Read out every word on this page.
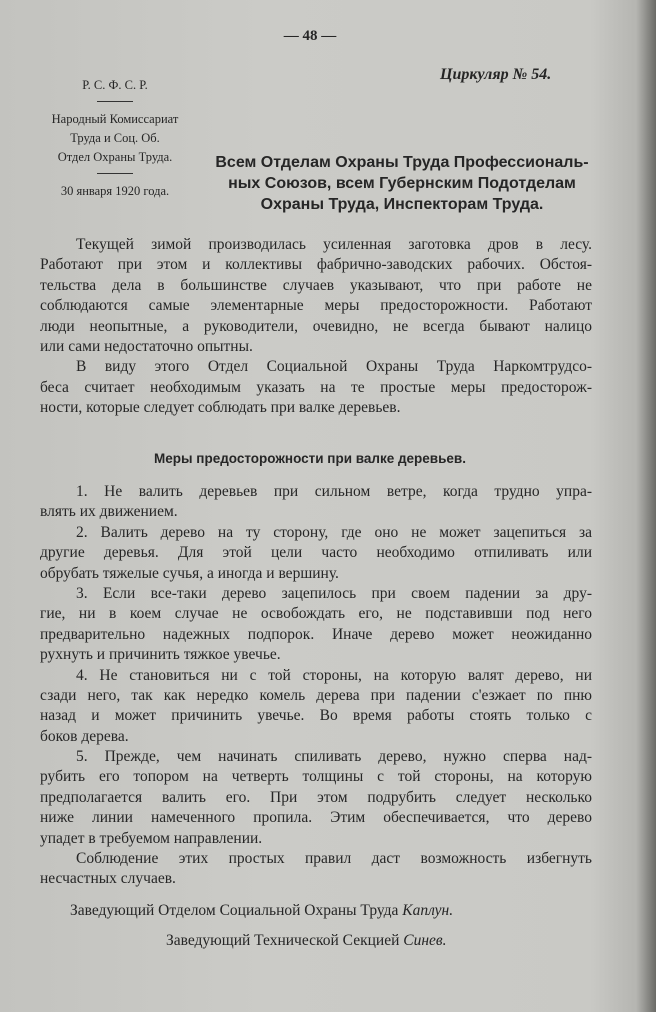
— 48 —
Циркуляр № 54.
Р. С. Ф. С. Р.
Народный Комиссариат
Труда и Соц. Об.
Отдел Охраны Труда.
30 января 1920 года.
Всем Отделам Охраны Труда Профессиональ-
ных Союзов, всем Губернским Подотделам
Охраны Труда, Инспекторам Труда.
Текущей зимой производилась усиленная заготовка дров в лесу.
Работают при этом и коллективы фабрично-заводских рабочих. Обстоя-
тельства дела в большинстве случаев указывают, что при работе не
соблюдаются самые элементарные меры предосторожности. Работают
люди неопытные, а руководители, очевидно, не всегда бывают налицо
или сами недостаточно опытны.
В виду этого Отдел Социальной Охраны Труда Наркомтрудсо-
беса считает необходимым указать на те простые меры предосторож-
ности, которые следует соблюдать при валке деревьев.
Меры предосторожности при валке деревьев.
1. Не валить деревьев при сильном ветре, когда трудно упра-
влять их движением.
2. Валить дерево на ту сторону, где оно не может зацепиться за
другие деревья. Для этой цели часто необходимо отпиливать или
обрубать тяжелые сучья, а иногда и вершину.
3. Если все-таки дерево зацепилось при своем падении за дру-
гие, ни в коем случае не освобождать его, не подставивши под него
предварительно надежных подпорок. Иначе дерево может неожиданно
рухнуть и причинить тяжкое увечье.
4. Не становиться ни с той стороны, на которую валят дерево, ни
сзади него, так как нередко комель дерева при падении с'езжает по пню
назад и может причинить увечье. Во время работы стоять только с
боков дерева.
5. Прежде, чем начинать спиливать дерево, нужно сперва над-
рубить его топором на четверть толщины с той стороны, на которую
предполагается валить его. При этом подрубить следует несколько
ниже линии намеченного пропила. Этим обеспечивается, что дерево
упадет в требуемом направлении.
Соблюдение этих простых правил даст возможность избегнуть
несчастных случаев.
Заведующий Отделом Социальной Охраны Труда Каплун.
Заведующий Технической Секцией Синев.
